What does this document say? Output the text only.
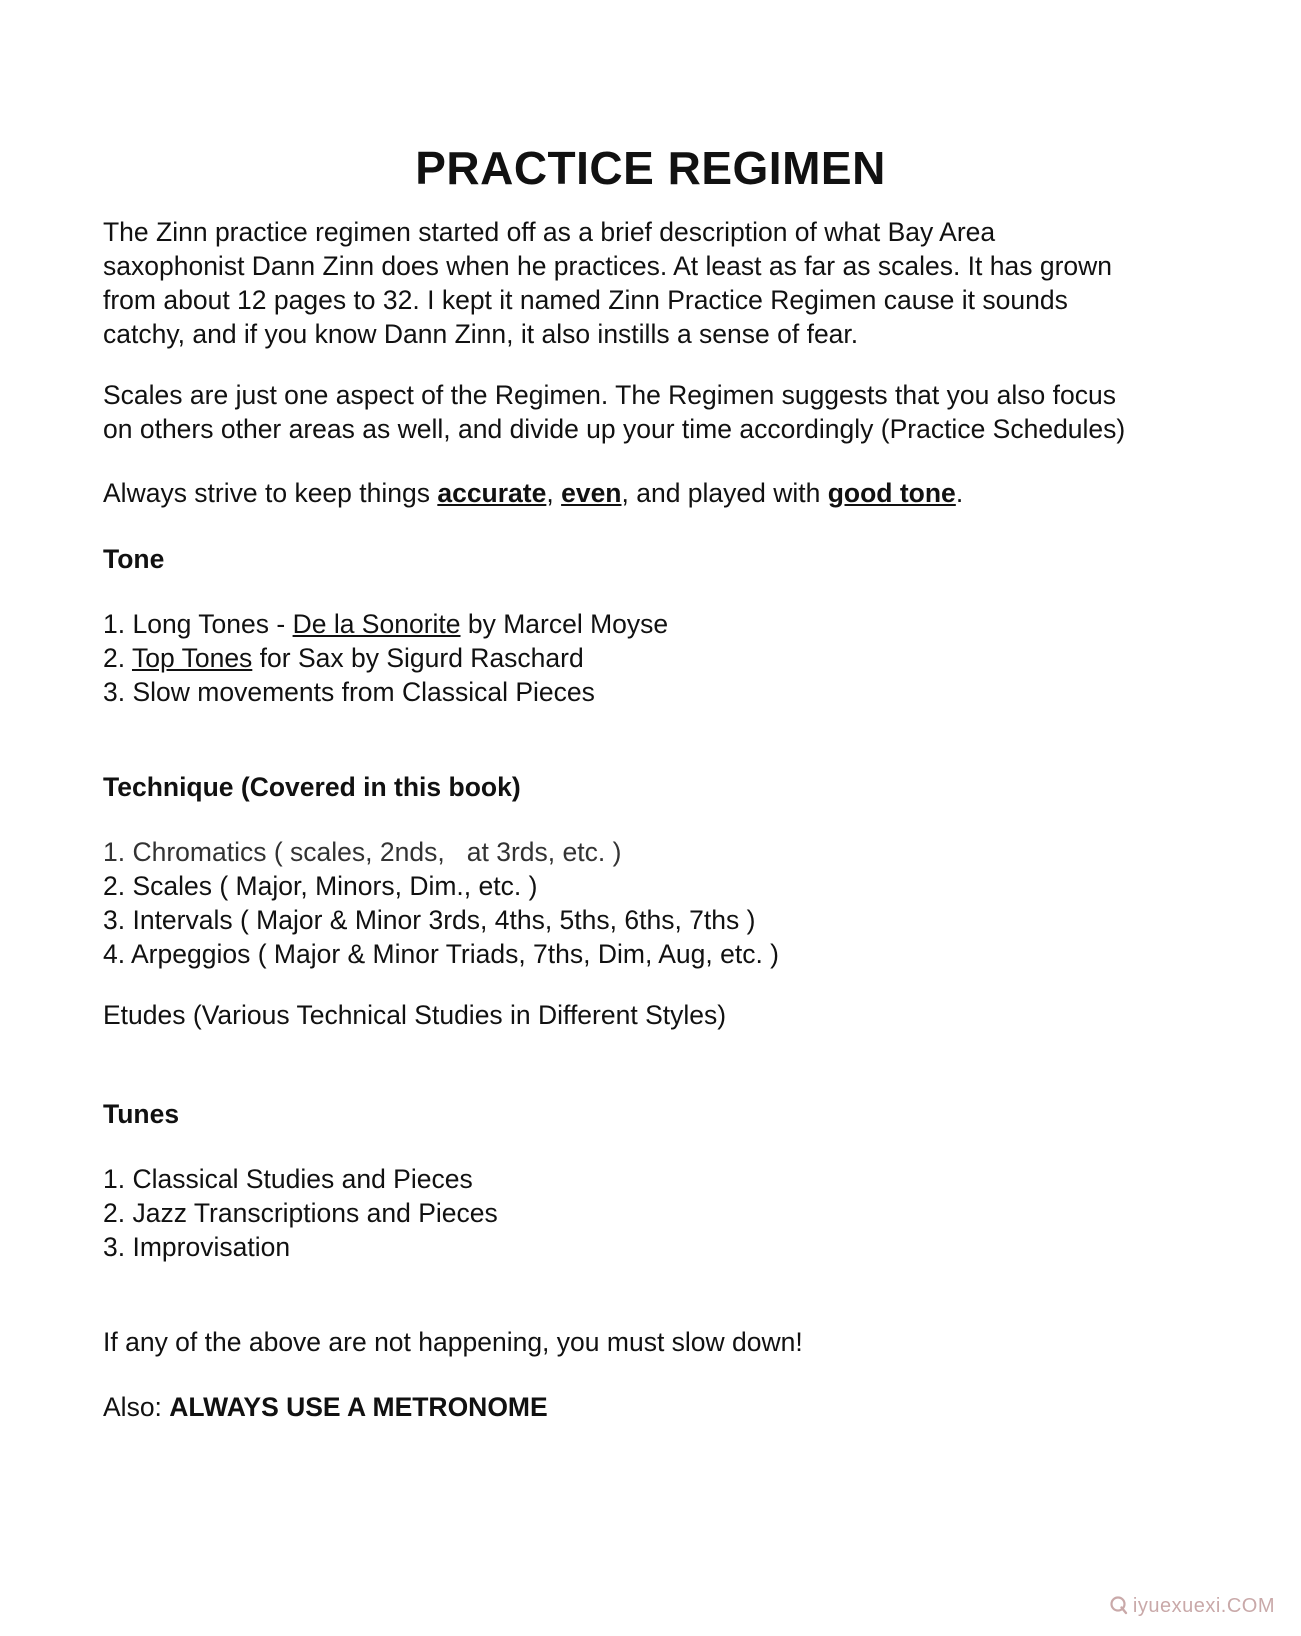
PRACTICE REGIMEN
The Zinn practice regimen started off as a brief description of what Bay Area
saxophonist Dann Zinn does when he practices. At least as far as scales. It has grown
from about 12 pages to 32. I kept it named Zinn Practice Regimen cause it sounds
catchy, and if you know Dann Zinn, it also instills a sense of fear.
Scales are just one aspect of the Regimen. The Regimen suggests that you also focus
on others other areas as well, and divide up your time accordingly (Practice Schedules)
Always strive to keep things accurate, even, and played with good tone.
Tone
1. Long Tones - De la Sonorite by Marcel Moyse
2. Top Tones for Sax by Sigurd Raschard
3. Slow movements from Classical Pieces
Technique (Covered in this book)
1. Chromatics ( scales, 2nds,   at 3rds, etc. )
2. Scales ( Major, Minors, Dim., etc. )
3. Intervals ( Major & Minor 3rds, 4ths, 5ths, 6ths, 7ths )
4. Arpeggios ( Major & Minor Triads, 7ths, Dim, Aug, etc. )
Etudes (Various Technical Studies in Different Styles)
Tunes
1. Classical Studies and Pieces
2. Jazz Transcriptions and Pieces
3. Improvisation
If any of the above are not happening, you must slow down!
Also: ALWAYS USE A METRONOME
iyuexuexi.COM
